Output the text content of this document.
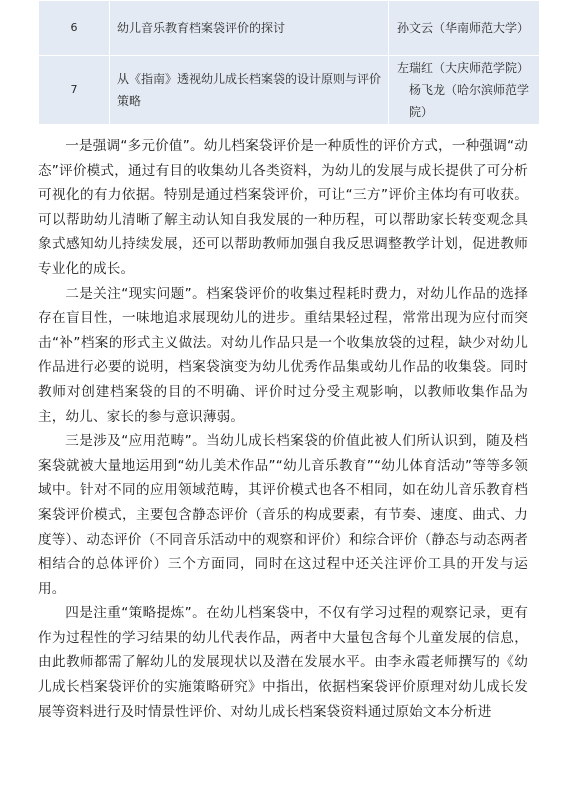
6	幼儿音乐教育档案袋评价的探讨	孙文云（华南师范大学）

7	从《指南》透视幼儿成长档案袋的设计原则与评价策略	左瑞红（大庆师范学院）
杨飞龙（哈尔滨师范学院）

一是强调“多元价值”。幼儿档案袋评价是一种质性的评价方式，一种强调“动态”评价模式，通过有目的收集幼儿各类资料，为幼儿的发展与成长提供了可分析可视化的有力依据。特别是通过档案袋评价，可让“三方”评价主体均有可收获。可以帮助幼儿清晰了解主动认知自我发展的一种历程，可以帮助家长转变观念具象式感知幼儿持续发展，还可以帮助教师加强自我反思调整教学计划，促进教师专业化的成长。

二是关注“现实问题”。档案袋评价的收集过程耗时费力，对幼儿作品的选择存在盲目性，一味地追求展现幼儿的进步。重结果轻过程，常常出现为应付而突击“补”档案的形式主义做法。对幼儿作品只是一个收集放袋的过程，缺少对幼儿作品进行必要的说明，档案袋演变为幼儿优秀作品集或幼儿作品的收集袋。同时教师对创建档案袋的目的不明确、评价时过分受主观影响，以教师收集作品为主，幼儿、家长的参与意识薄弱。

三是涉及“应用范畴”。当幼儿成长档案袋的价值此被人们所认识到，随及档案袋就被大量地运用到“幼儿美术作品”“幼儿音乐教育”“幼儿体育活动”等等多领域中。针对不同的应用领域范畴，其评价模式也各不相同，如在幼儿音乐教育档案袋评价模式，主要包含静态评价（音乐的构成要素，有节奏、速度、曲式、力度等）、动态评价（不同音乐活动中的观察和评价）和综合评价（静态与动态两者相结合的总体评价）三个方面同，同时在这过程中还关注评价工具的开发与运用。

四是注重“策略提炼”。在幼儿档案袋中，不仅有学习过程的观察记录，更有作为过程性的学习结果的幼儿代表作品，两者中大量包含每个儿童发展的信息，由此教师都需了解幼儿的发展现状以及潜在发展水平。由李永霞老师撰写的《幼儿成长档案袋评价的实施策略研究》中指出，依据档案袋评价原理对幼儿成长发展等资料进行及时情景性评价、对幼儿成长档案袋资料通过原始文本分析进
